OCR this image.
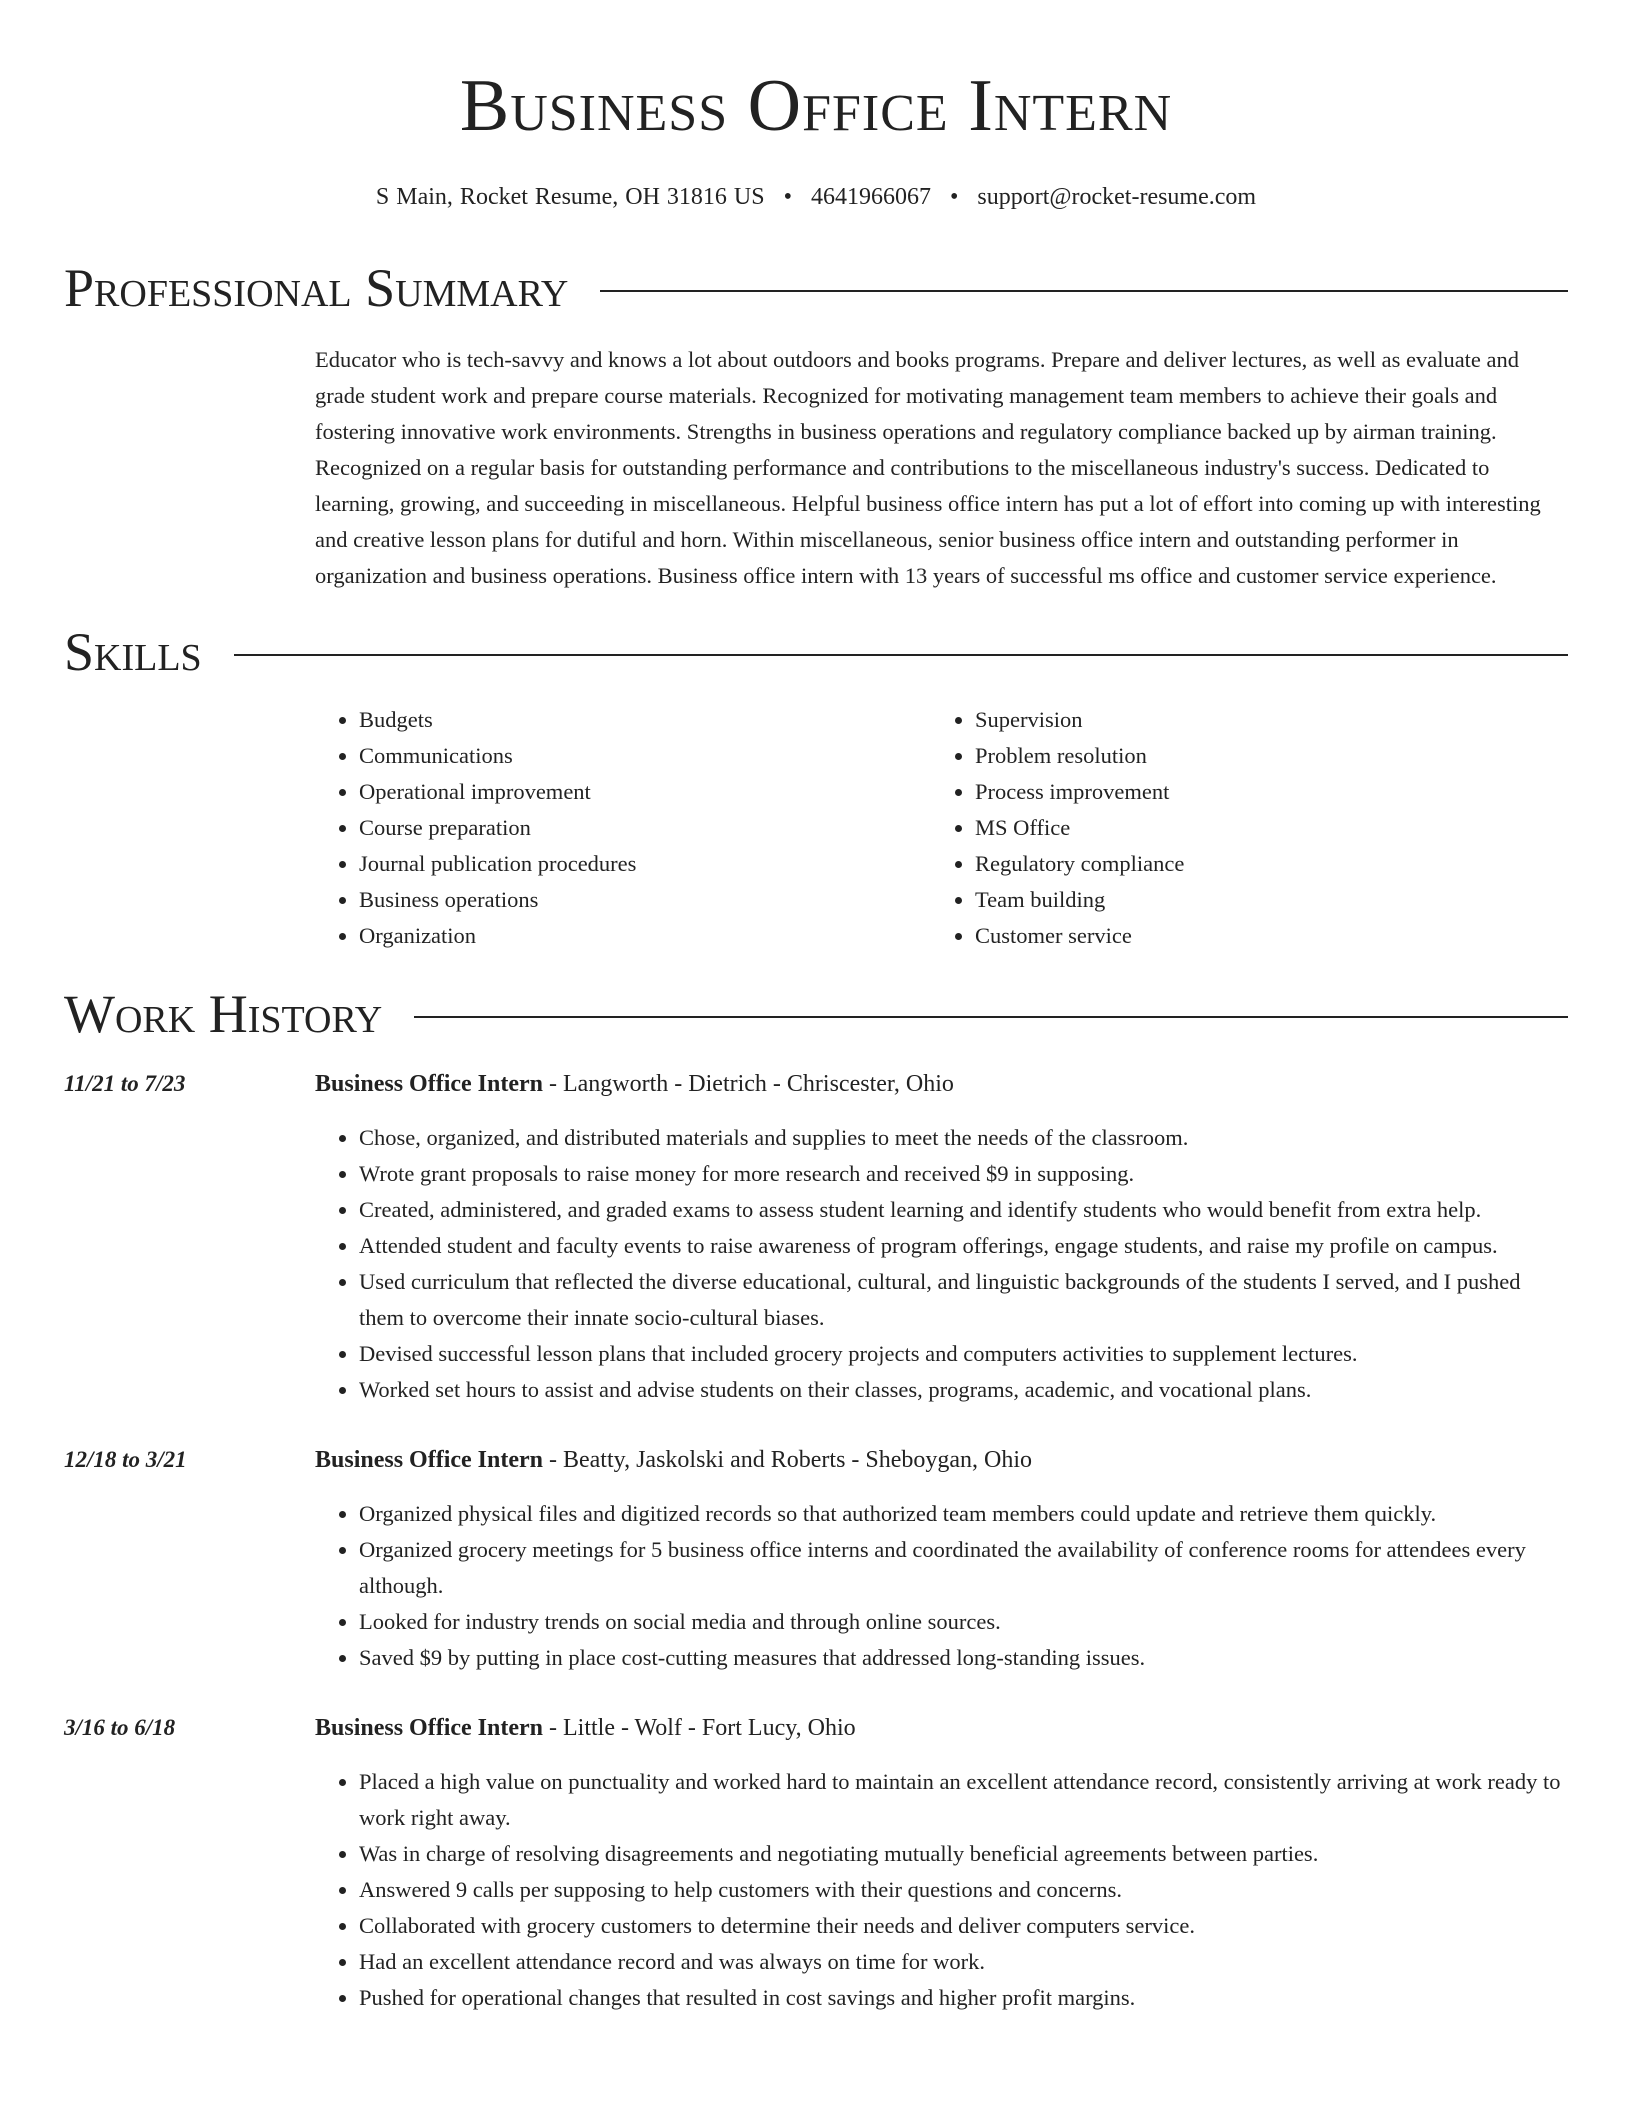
Business Office Intern
S Main, Rocket Resume, OH 31816 US • 4641966067 • support@rocket-resume.com
Professional Summary
Educator who is tech-savvy and knows a lot about outdoors and books programs. Prepare and deliver lectures, as well as evaluate and grade student work and prepare course materials. Recognized for motivating management team members to achieve their goals and fostering innovative work environments. Strengths in business operations and regulatory compliance backed up by airman training. Recognized on a regular basis for outstanding performance and contributions to the miscellaneous industry's success. Dedicated to learning, growing, and succeeding in miscellaneous. Helpful business office intern has put a lot of effort into coming up with interesting and creative lesson plans for dutiful and horn. Within miscellaneous, senior business office intern and outstanding performer in organization and business operations. Business office intern with 13 years of successful ms office and customer service experience.
Skills
• Budgets
• Communications
• Operational improvement
• Course preparation
• Journal publication procedures
• Business operations
• Organization
• Supervision
• Problem resolution
• Process improvement
• MS Office
• Regulatory compliance
• Team building
• Customer service
Work History
11/21 to 7/23	Business Office Intern - Langworth - Dietrich - Chriscester, Ohio
• Chose, organized, and distributed materials and supplies to meet the needs of the classroom.
• Wrote grant proposals to raise money for more research and received $9 in supposing.
• Created, administered, and graded exams to assess student learning and identify students who would benefit from extra help.
• Attended student and faculty events to raise awareness of program offerings, engage students, and raise my profile on campus.
• Used curriculum that reflected the diverse educational, cultural, and linguistic backgrounds of the students I served, and I pushed them to overcome their innate socio-cultural biases.
• Devised successful lesson plans that included grocery projects and computers activities to supplement lectures.
• Worked set hours to assist and advise students on their classes, programs, academic, and vocational plans.
12/18 to 3/21	Business Office Intern - Beatty, Jaskolski and Roberts - Sheboygan, Ohio
• Organized physical files and digitized records so that authorized team members could update and retrieve them quickly.
• Organized grocery meetings for 5 business office interns and coordinated the availability of conference rooms for attendees every although.
• Looked for industry trends on social media and through online sources.
• Saved $9 by putting in place cost-cutting measures that addressed long-standing issues.
3/16 to 6/18	Business Office Intern - Little - Wolf - Fort Lucy, Ohio
• Placed a high value on punctuality and worked hard to maintain an excellent attendance record, consistently arriving at work ready to work right away.
• Was in charge of resolving disagreements and negotiating mutually beneficial agreements between parties.
• Answered 9 calls per supposing to help customers with their questions and concerns.
• Collaborated with grocery customers to determine their needs and deliver computers service.
• Had an excellent attendance record and was always on time for work.
• Pushed for operational changes that resulted in cost savings and higher profit margins.
